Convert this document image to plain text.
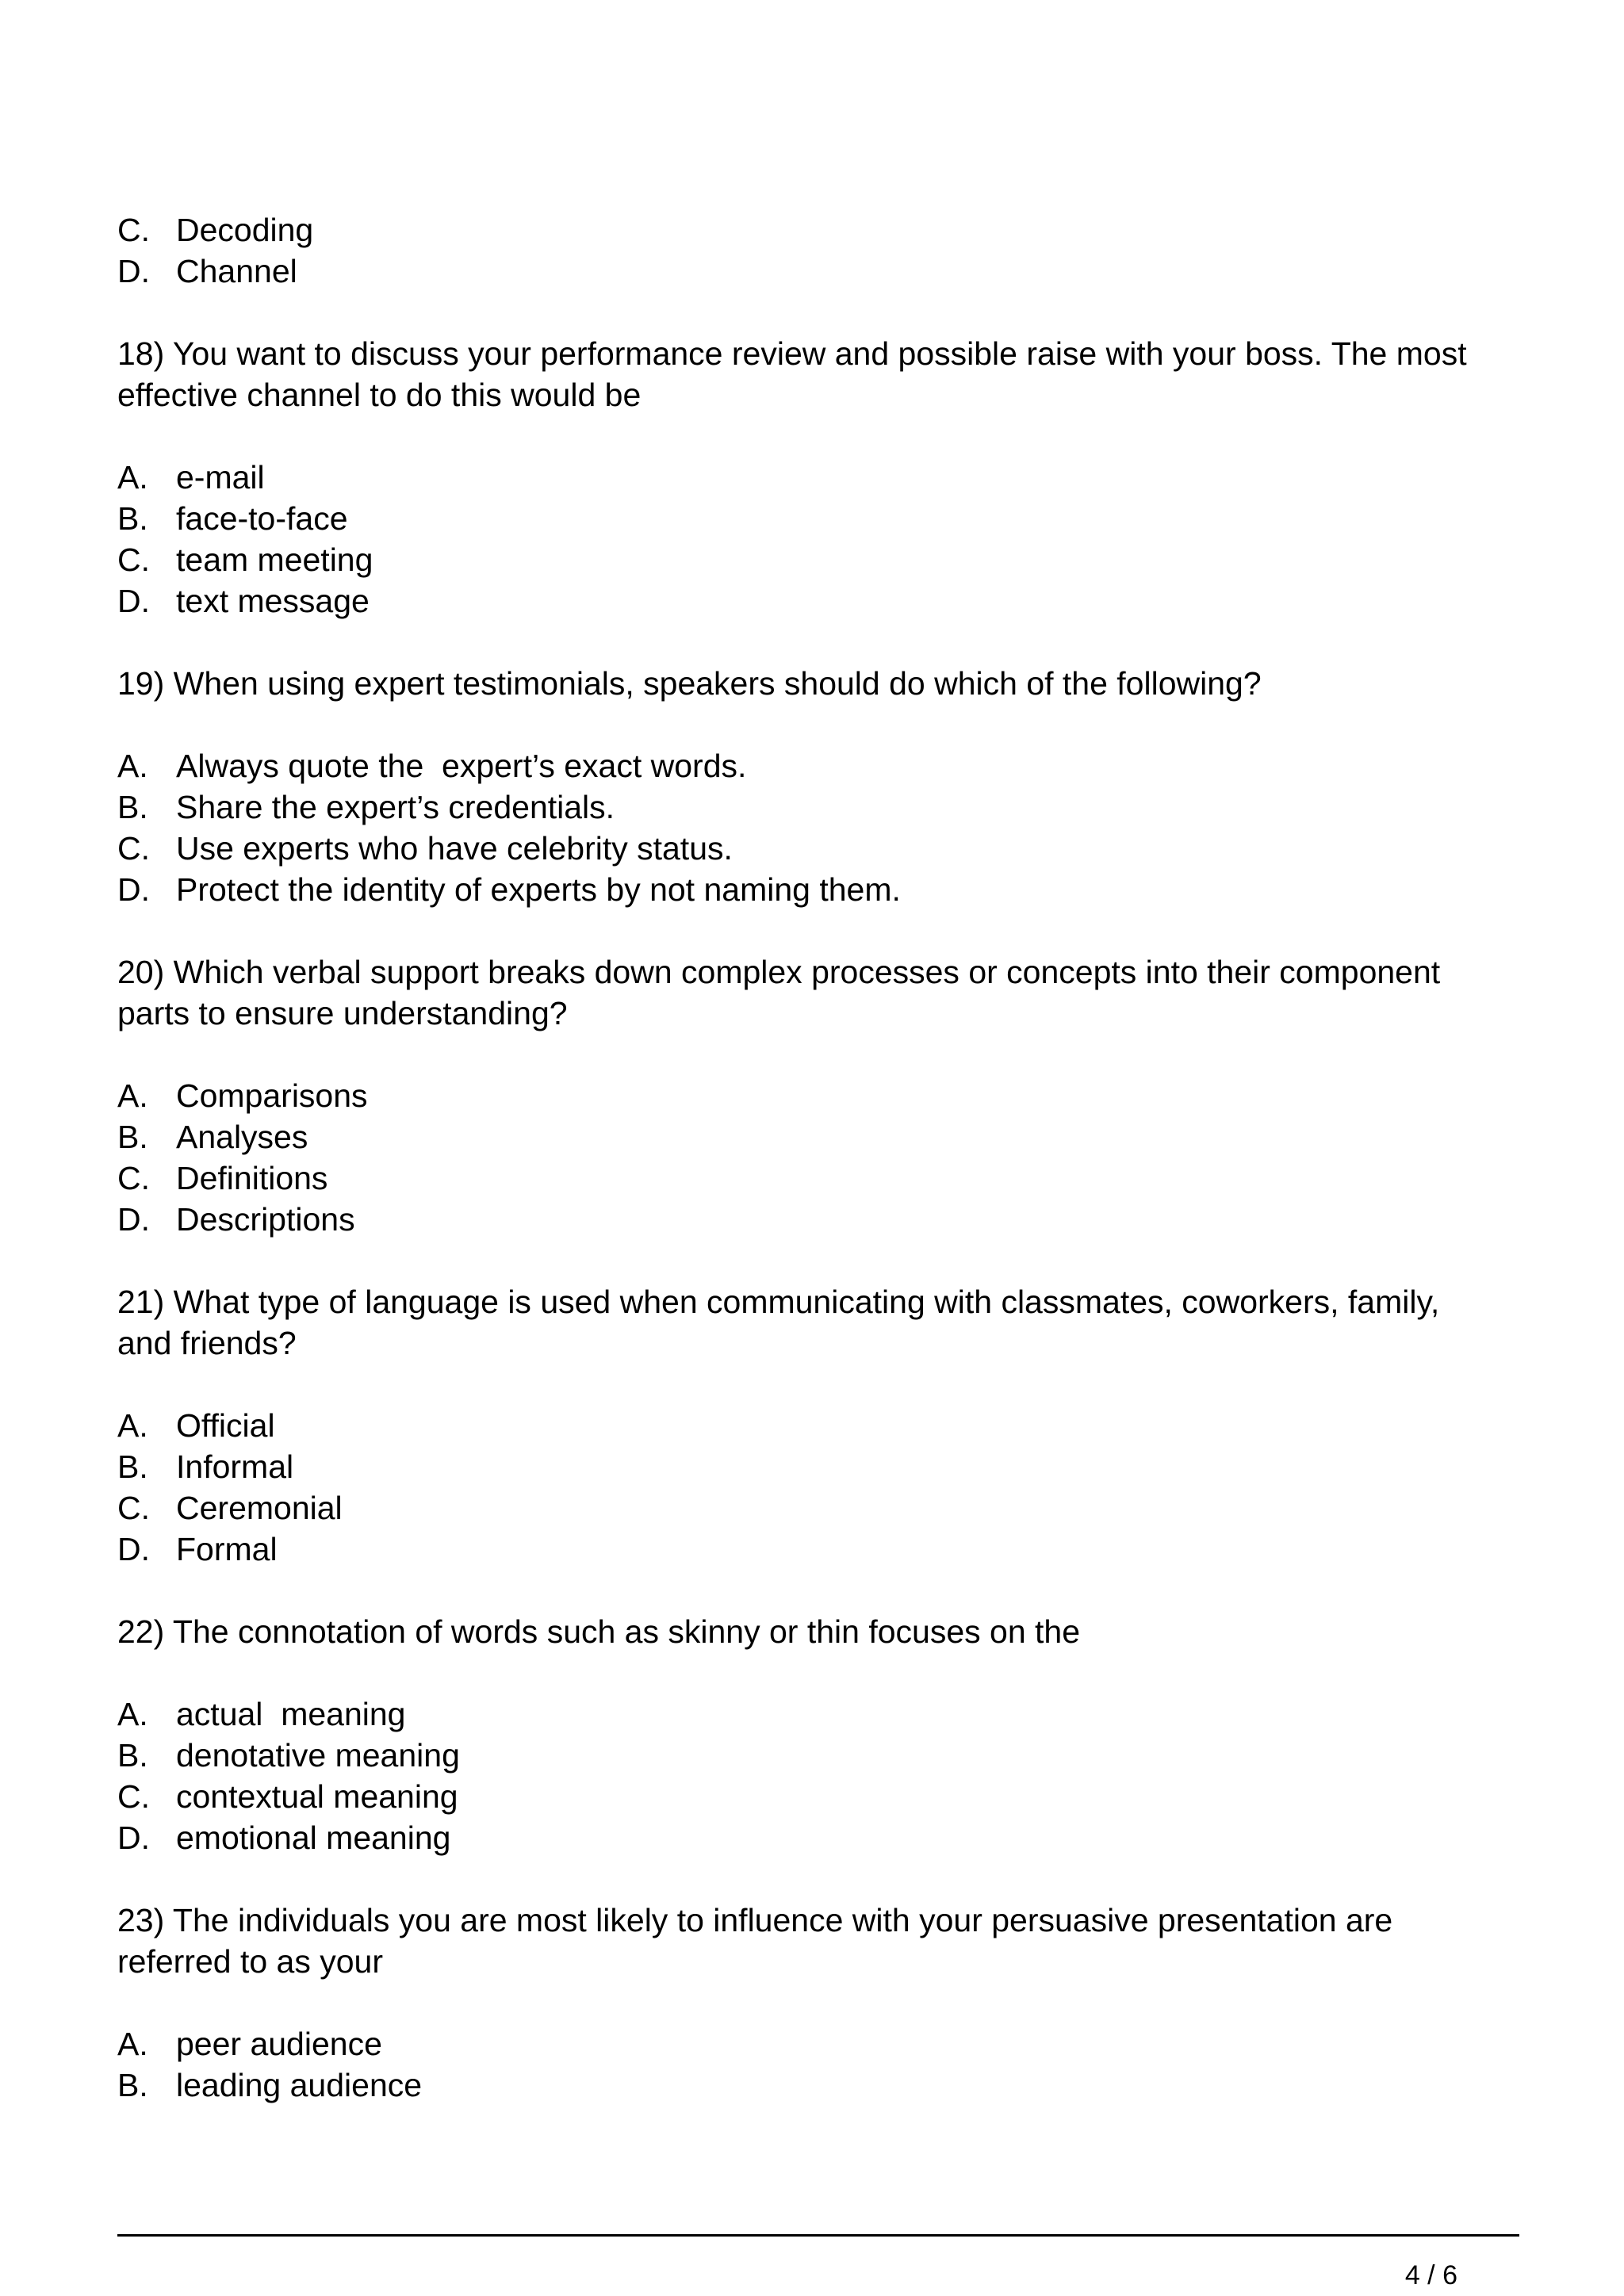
C. Decoding
D. Channel
18) You want to discuss your performance review and possible raise with your boss. The most
effective channel to do this would be
A. e-mail
B. face-to-face
C. team meeting
D. text message
19) When using expert testimonials, speakers should do which of the following?
A. Always quote the  expert’s exact words.
B. Share the expert’s credentials.
C. Use experts who have celebrity status.
D. Protect the identity of experts by not naming them.
20) Which verbal support breaks down complex processes or concepts into their component
parts to ensure understanding?
A. Comparisons
B. Analyses
C. Definitions
D. Descriptions
21) What type of language is used when communicating with classmates, coworkers, family,
and friends?
A. Official
B. Informal
C. Ceremonial
D. Formal
22) The connotation of words such as skinny or thin focuses on the
A. actual  meaning
B. denotative meaning
C. contextual meaning
D. emotional meaning
23) The individuals you are most likely to influence with your persuasive presentation are
referred to as your
A. peer audience
B. leading audience
4 / 6
